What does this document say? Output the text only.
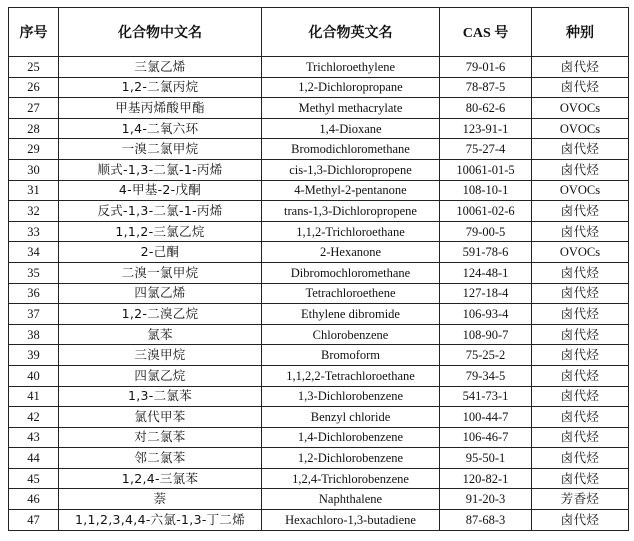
序号	化合物中文名	化合物英文名	CAS 号	种别
25	三氯乙烯	Trichloroethylene	79-01-6	卤代烃
26	1,2-二氯丙烷	1,2-Dichloropropane	78-87-5	卤代烃
27	甲基丙烯酸甲酯	Methyl methacrylate	80-62-6	OVOCs
28	1,4-二氧六环	1,4-Dioxane	123-91-1	OVOCs
29	一溴二氯甲烷	Bromodichloromethane	75-27-4	卤代烃
30	顺式-1,3-二氯-1-丙烯	cis-1,3-Dichloropropene	10061-01-5	卤代烃
31	4-甲基-2-戊酮	4-Methyl-2-pentanone	108-10-1	OVOCs
32	反式-1,3-二氯-1-丙烯	trans-1,3-Dichloropropene	10061-02-6	卤代烃
33	1,1,2-三氯乙烷	1,1,2-Trichloroethane	79-00-5	卤代烃
34	2-己酮	2-Hexanone	591-78-6	OVOCs
35	二溴一氯甲烷	Dibromochloromethane	124-48-1	卤代烃
36	四氯乙烯	Tetrachloroethene	127-18-4	卤代烃
37	1,2-二溴乙烷	Ethylene dibromide	106-93-4	卤代烃
38	氯苯	Chlorobenzene	108-90-7	卤代烃
39	三溴甲烷	Bromoform	75-25-2	卤代烃
40	四氯乙烷	1,1,2,2-Tetrachloroethane	79-34-5	卤代烃
41	1,3-二氯苯	1,3-Dichlorobenzene	541-73-1	卤代烃
42	氯代甲苯	Benzyl chloride	100-44-7	卤代烃
43	对二氯苯	1,4-Dichlorobenzene	106-46-7	卤代烃
44	邻二氯苯	1,2-Dichlorobenzene	95-50-1	卤代烃
45	1,2,4-三氯苯	1,2,4-Trichlorobenzene	120-82-1	卤代烃
46	萘	Naphthalene	91-20-3	芳香烃
47	1,1,2,3,4,4-六氯-1,3-丁二烯	Hexachloro-1,3-butadiene	87-68-3	卤代烃
